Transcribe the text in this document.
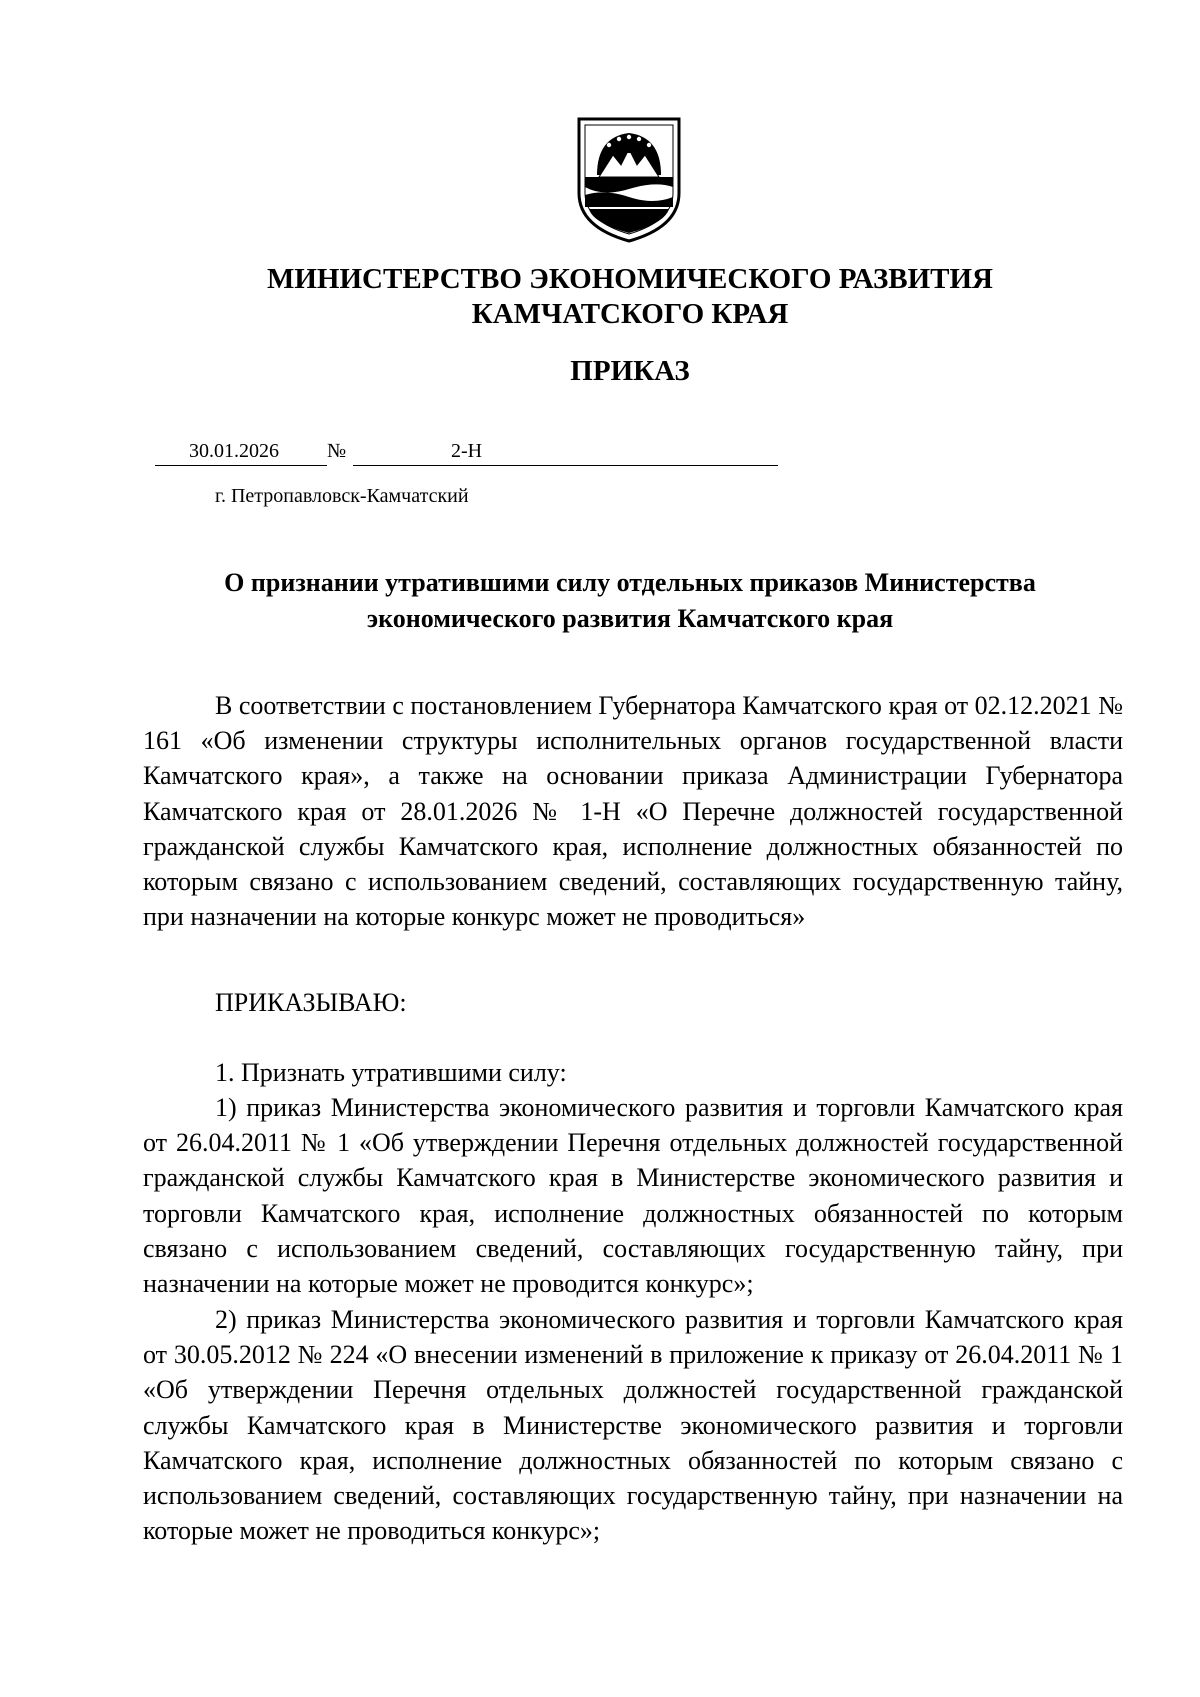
МИНИСТЕРСТВО ЭКОНОМИЧЕСКОГО РАЗВИТИЯ
КАМЧАТСКОГО КРАЯ
ПРИКАЗ
30.01.2026 №	2-Н

г. Петропавловск-Камчатский

О признании утратившими силу отдельных приказов Министерства
экономического развития Камчатского края

В соответствии с постановлением Губернатора Камчатского края от 02.12.2021 № 161 «Об изменении структуры исполнительных органов государственной власти Камчатского края», а также на основании приказа Администрации Губернатора Камчатского края от 28.01.2026 № 1-Н «О Перечне должностей государственной гражданской службы Камчатского края, исполнение должностных обязанностей по которым связано с использованием сведений, составляющих государственную тайну, при назначении на которые конкурс может не проводиться»

ПРИКАЗЫВАЮ:

1. Признать утратившими силу:

1) приказ Министерства экономического развития и торговли Камчатского края от 26.04.2011 № 1 «Об утверждении Перечня отдельных должностей государственной гражданской службы Камчатского края в Министерстве экономического развития и торговли Камчатского края, исполнение должностных обязанностей по которым связано с использованием сведений, составляющих государственную тайну, при назначении на которые может не проводится конкурс»;

2) приказ Министерства экономического развития и торговли Камчатского края от 30.05.2012 № 224 «О внесении изменений в приложение к приказу от 26.04.2011 № 1 «Об утверждении Перечня отдельных должностей государственной гражданской службы Камчатского края в Министерстве экономического развития и торговли Камчатского края, исполнение должностных обязанностей по которым связано с использованием сведений, составляющих государственную тайну, при назначении на которые может не проводиться конкурс»;
